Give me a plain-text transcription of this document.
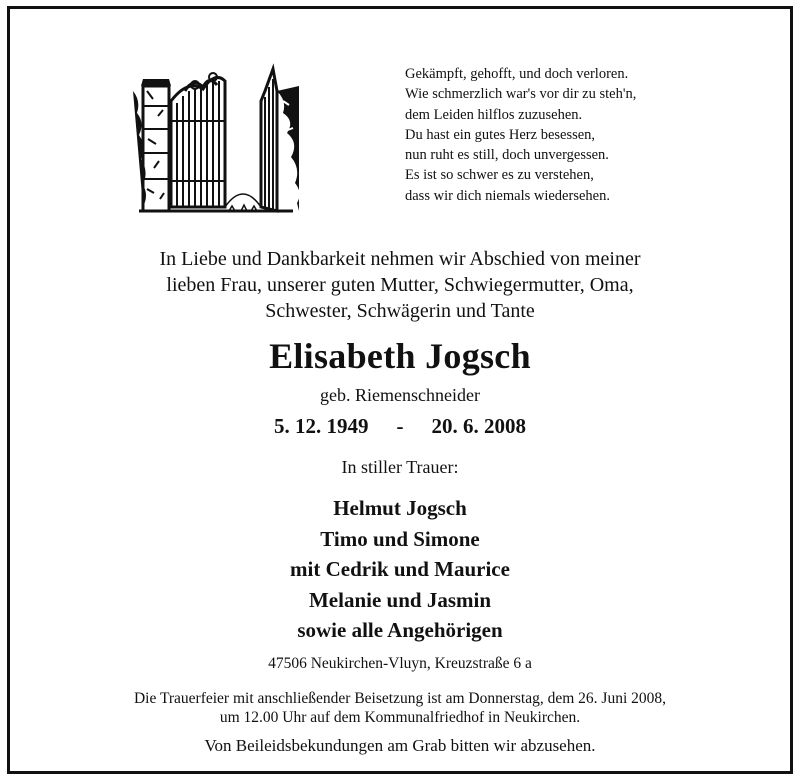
Gekämpft, gehofft, und doch verloren.
Wie schmerzlich war's vor dir zu steh'n,
dem Leiden hilflos zuzusehen.
Du hast ein gutes Herz besessen,
nun ruht es still, doch unvergessen.
Es ist so schwer es zu verstehen,
dass wir dich niemals wiedersehen.
In Liebe und Dankbarkeit nehmen wir Abschied von meiner
lieben Frau, unserer guten Mutter, Schwiegermutter, Oma,
Schwester, Schwägerin und Tante
Elisabeth Jogsch
geb. Riemenschneider
5. 12. 1949 - 20. 6. 2008
In stiller Trauer:
Helmut Jogsch
Timo und Simone
mit Cedrik und Maurice
Melanie und Jasmin
sowie alle Angehörigen
47506 Neukirchen-Vluyn, Kreuzstraße 6 a
Die Trauerfeier mit anschließender Beisetzung ist am Donnerstag, dem 26. Juni 2008,
um 12.00 Uhr auf dem Kommunalfriedhof in Neukirchen.
Von Beileidsbekundungen am Grab bitten wir abzusehen.
